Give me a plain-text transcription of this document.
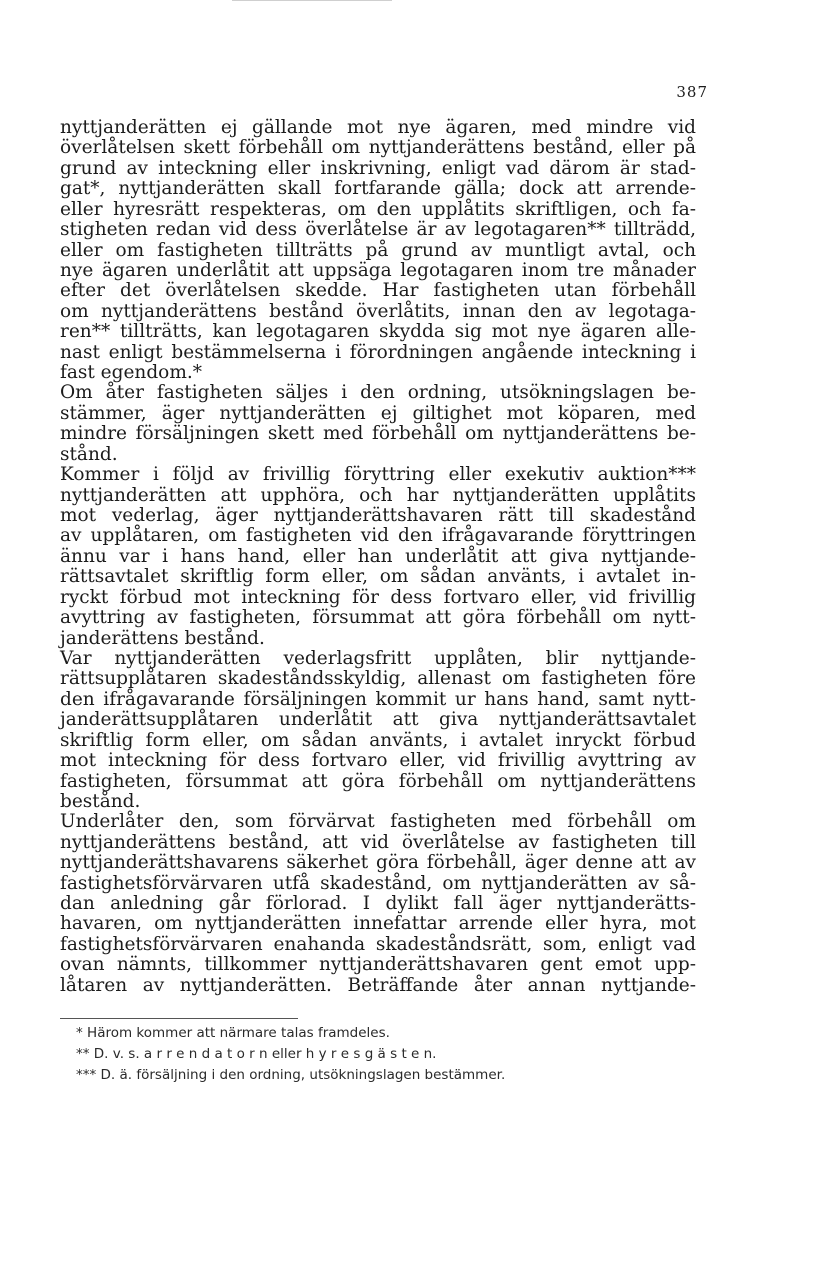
387
nyttjanderätten ej gällande mot nye ägaren, med mindre vid
överlåtelsen skett förbehåll om nyttjanderättens bestånd, eller på
grund av inteckning eller inskrivning, enligt vad därom är stad-
gat*, nyttjanderätten skall fortfarande gälla; dock att arrende-
eller hyresrätt respekteras, om den upplåtits skriftligen, och fa-
stigheten redan vid dess överlåtelse är av legotagaren** tillträdd,
eller om fastigheten tillträtts på grund av muntligt avtal, och
nye ägaren underlåtit att uppsäga legotagaren inom tre månader
efter det överlåtelsen skedde. Har fastigheten utan förbehåll
om nyttjanderättens bestånd överlåtits, innan den av legotaga-
ren** tillträtts, kan legotagaren skydda sig mot nye ägaren alle-
nast enligt bestämmelserna i förordningen angående inteckning i
fast egendom.*
Om åter fastigheten säljes i den ordning, utsökningslagen be-
stämmer, äger nyttjanderätten ej giltighet mot köparen, med
mindre försäljningen skett med förbehåll om nyttjanderättens be-
stånd.
Kommer i följd av frivillig föryttring eller exekutiv auktion***
nyttjanderätten att upphöra, och har nyttjanderätten upplåtits
mot vederlag, äger nyttjanderättshavaren rätt till skadestånd
av upplåtaren, om fastigheten vid den ifrågavarande föryttringen
ännu var i hans hand, eller han underlåtit att giva nyttjande-
rättsavtalet skriftlig form eller, om sådan använts, i avtalet in-
ryckt förbud mot inteckning för dess fortvaro eller, vid frivillig
avyttring av fastigheten, försummat att göra förbehåll om nytt-
janderättens bestånd.
Var nyttjanderätten vederlagsfritt upplåten, blir nyttjande-
rättsupplåtaren skadeståndsskyldig, allenast om fastigheten före
den ifrågavarande försäljningen kommit ur hans hand, samt nytt-
janderättsupplåtaren underlåtit att giva nyttjanderättsavtalet
skriftlig form eller, om sådan använts, i avtalet inryckt förbud
mot inteckning för dess fortvaro eller, vid frivillig avyttring av
fastigheten, försummat att göra förbehåll om nyttjanderättens
bestånd.
Underlåter den, som förvärvat fastigheten med förbehåll om
nyttjanderättens bestånd, att vid överlåtelse av fastigheten till
nyttjanderättshavarens säkerhet göra förbehåll, äger denne att av
fastighetsförvärvaren utfå skadestånd, om nyttjanderätten av så-
dan anledning går förlorad. I dylikt fall äger nyttjanderätts-
havaren, om nyttjanderätten innefattar arrende eller hyra, mot
fastighetsförvärvaren enahanda skadeståndsrätt, som, enligt vad
ovan nämnts, tillkommer nyttjanderättshavaren gent emot upp-
låtaren av nyttjanderätten. Beträffande åter annan nyttjande-
* Härom kommer att närmare talas framdeles.
** D. v. s. a r r e n d a t o r n eller h y r e s g ä s t e n.
*** D. ä. försäljning i den ordning, utsökningslagen bestämmer.
